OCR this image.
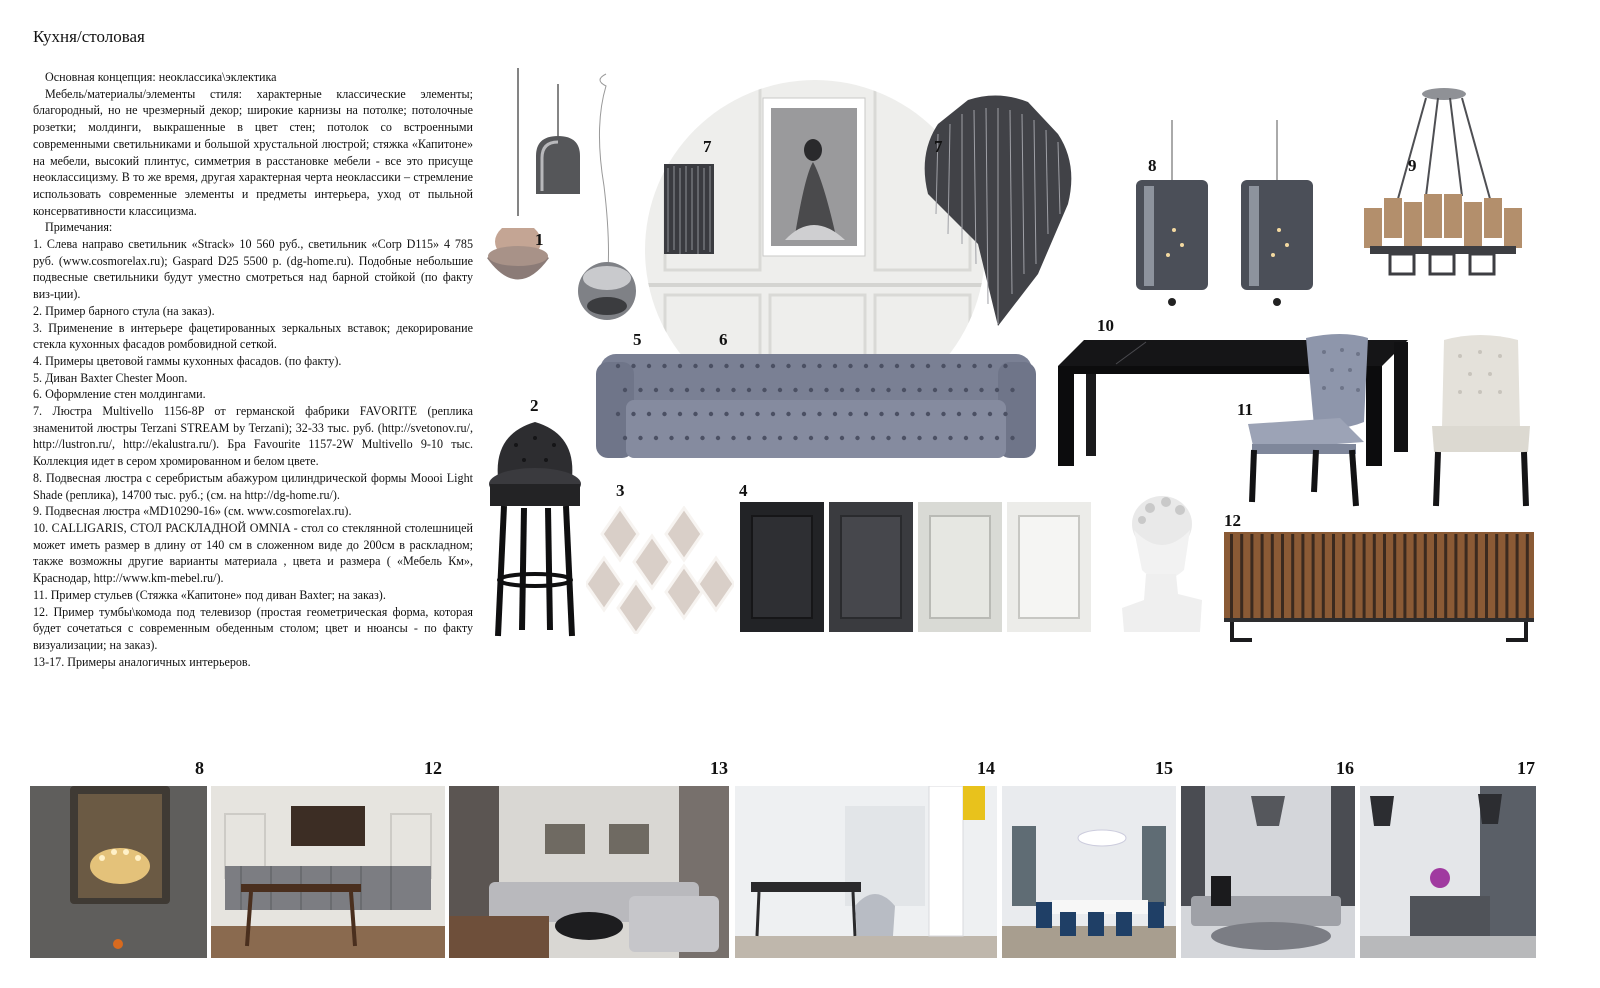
Кухня/столовая

Основная концепция: неоклассика\эклектика

Мебель/материалы/элементы стиля: характерные классические элементы; благородный, но не чрезмерный декор; широкие карнизы на потолке; потолочные розетки; молдинги, выкрашенные в цвет стен; потолок со встроенными современными светильниками и большой хрустальной люстрой; стяжка «Капитоне» на мебели, высокий плинтус, симметрия в расстановке мебели - все это присуще неоклассицизму. В то же время, другая характерная черта неоклассики – стремление использовать современные элементы и предметы интерьера, уход от пыльной консервативности классицизма.

Примечания:

1. Слева направо светильник «Strack» 10 560 руб., светильник «Corp D115» 4 785 руб. (www.cosmorelax.ru); Gaspard D25 5500 р. (dg-home.ru). Подобные небольшие подвесные светильники будут уместно смотреться над барной стойкой (по факту виз-ции).

2. Пример барного стула (на заказ).

3. Применение в интерьере фацетированных зеркальных вставок; декорирование стекла кухонных фасадов ромбовидной сеткой.

4. Примеры цветовой гаммы кухонных фасадов. (по факту).

5. Диван Baxter Chester Moon.

6. Оформление стен молдингами.

7. Люстра Multivello 1156-8P от германской фабрики FAVORITE (реплика знаменитой люстры Terzani STREAM by Terzani); 32-33 тыс. руб. (http://svetonov.ru/, http://lustron.ru/, http://ekalustra.ru/). Бра Favourite 1157-2W Multivello 9-10 тыс. Коллекция идет в сером хромированном и белом цвете.

8. Подвесная люстра с серебристым абажуром цилиндрической формы Moooi Light Shade (реплика), 14700 тыс. руб.; (см. на http://dg-home.ru/).

9. Подвесная люстра «MD10290-16» (см. www.cosmorelax.ru).

10. CALLIGARIS, СТОЛ РАСКЛАДНОЙ OMNIA - стол со стеклянной столешницей может иметь размер в длину от 140 см в сложенном виде до 200см в раскладном; также возможны другие варианты материала , цвета и размера ( «Мебель Км», Краснодар, http://www.km-mebel.ru/).

11. Пример стульев (Стяжка «Капитоне» под диван Baxter; на заказ).

12. Пример тумбы\комода под телевизор (простая геометрическая форма, которая будет сочетаться с современным обеденным столом; цвет и нюансы - по факту визуализации; на заказ).

13-17. Примеры аналогичных интерьеров.

1
7	7
8	9
5	6
2
3	4
10
11
12
8	12	13	14	15	16	17
